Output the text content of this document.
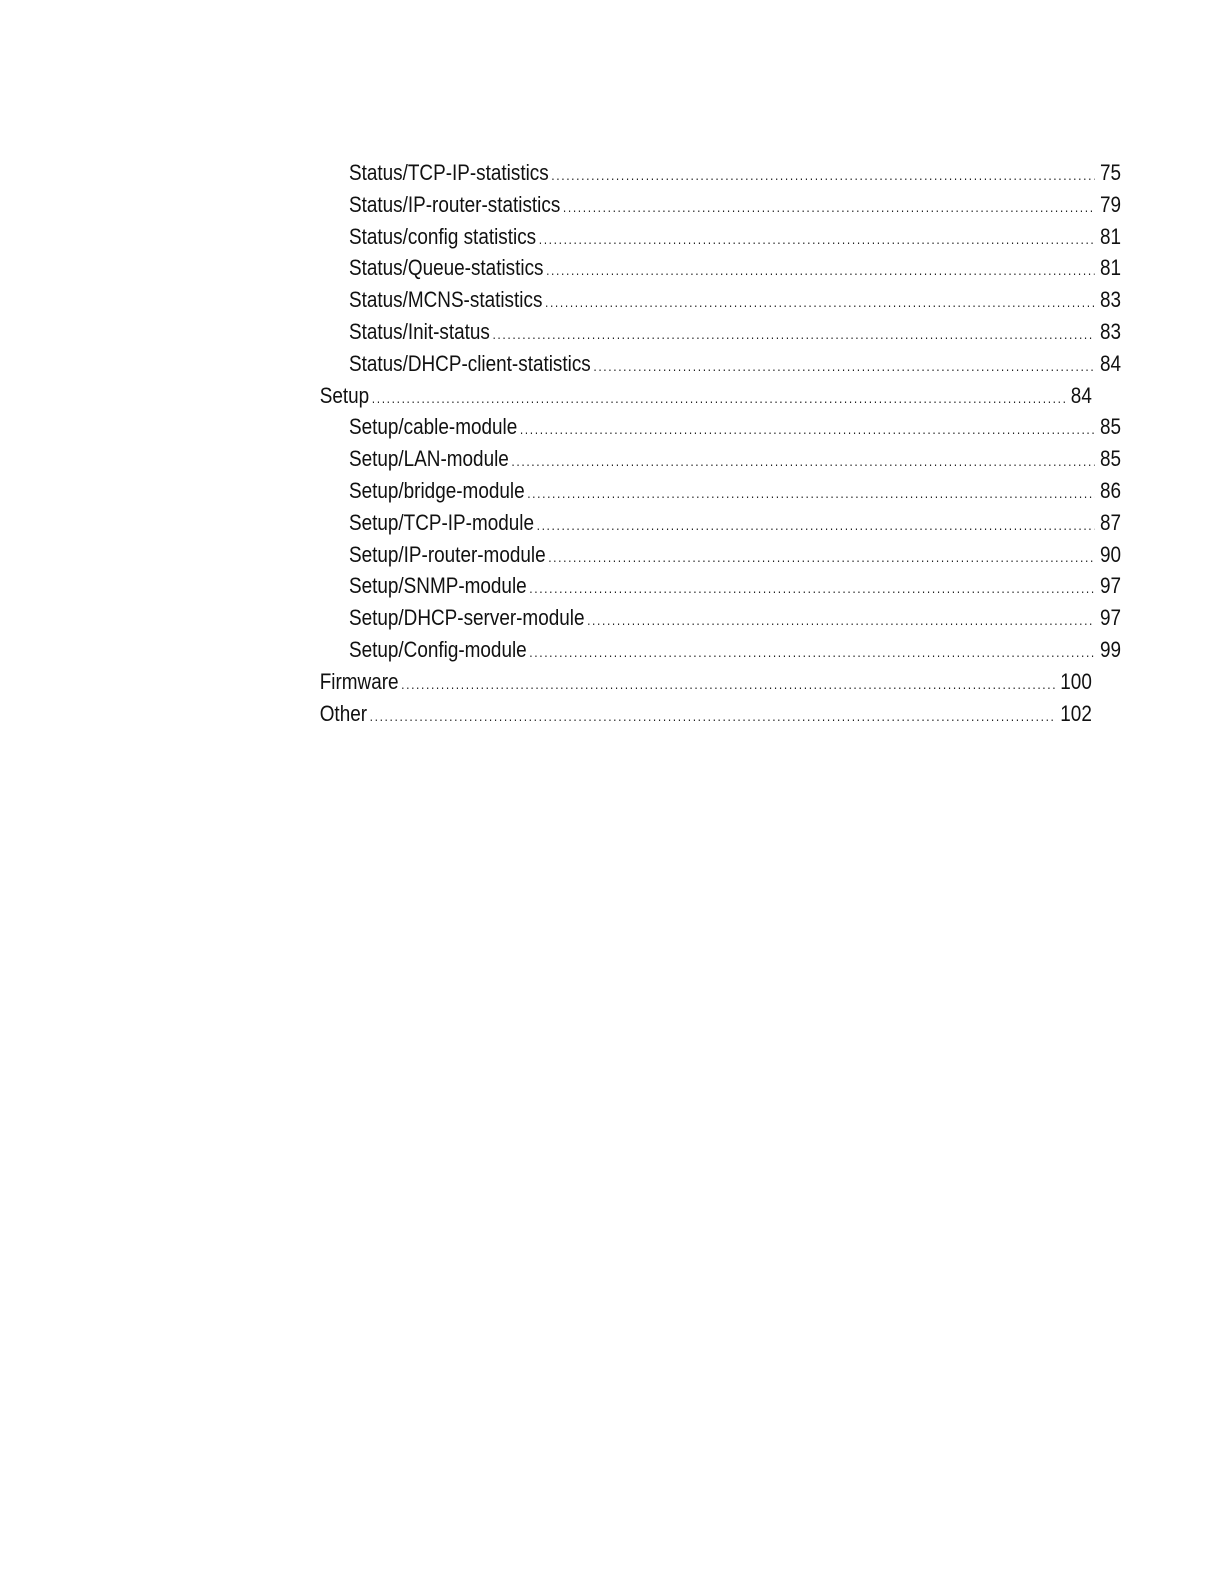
Status/TCP-IP-statistics . . .	75
Status/IP-router-statistics . . .	79
Status/config statistics . . .	81
Status/Queue-statistics . . .	81
Status/MCNS-statistics . . .	83
Status/Init-status . . .	83
Status/DHCP-client-statistics . . .	84
Setup . . .	84
Setup/cable-module . . .	85
Setup/LAN-module . . .	85
Setup/bridge-module . . .	86
Setup/TCP-IP-module . . .	87
Setup/IP-router-module . . .	90
Setup/SNMP-module . . .	97
Setup/DHCP-server-module . . .	97
Setup/Config-module . . .	99
Firmware . . .	100
Other . . .	102
